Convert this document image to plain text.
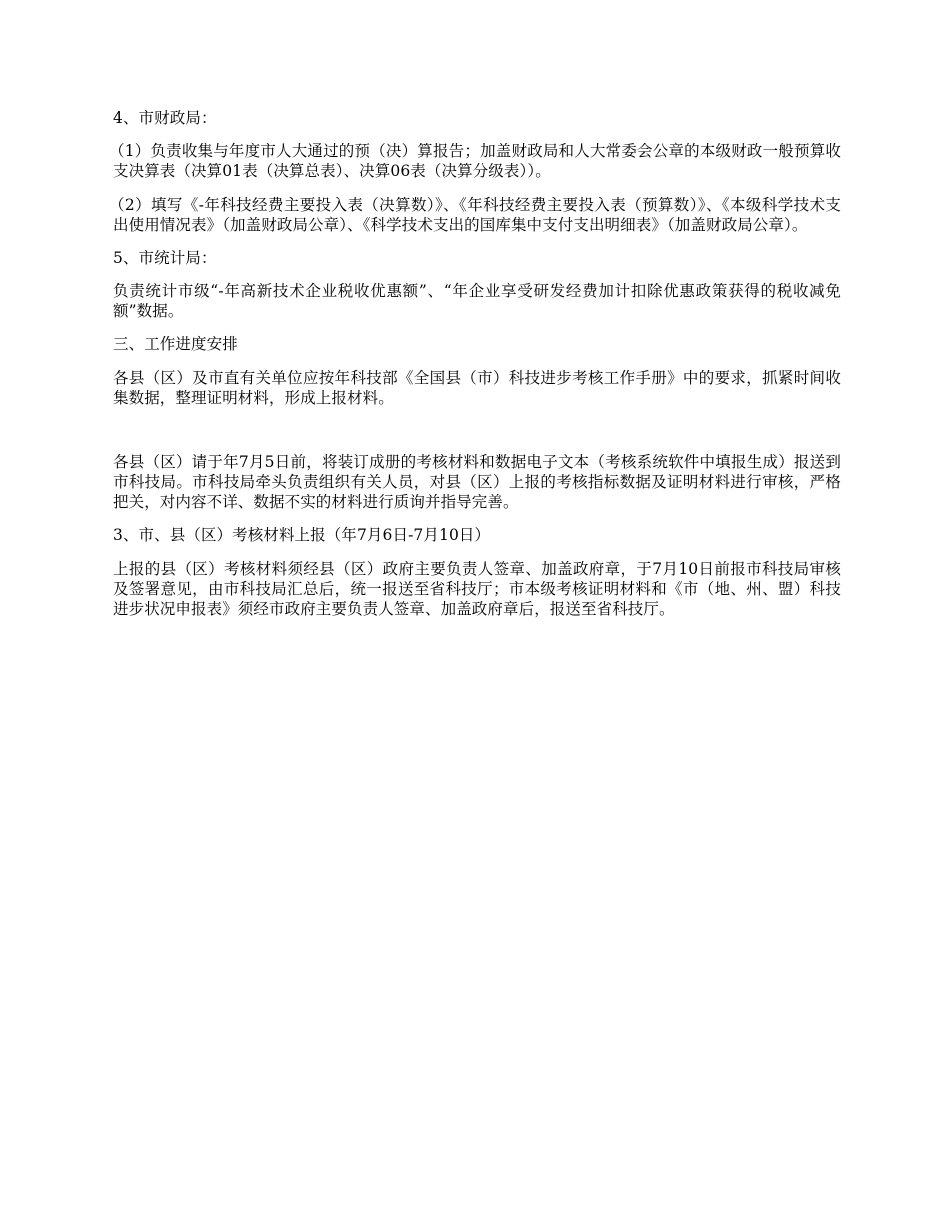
4、市财政局：

（1）负责收集与年度市人大通过的预（决）算报告；加盖财政局和人大常委会公章的本级财政一般预算收支决算表（决算01表（决算总表）、决算06表（决算分级表））。

（2）填写《-年科技经费主要投入表（决算数）》、《年科技经费主要投入表（预算数）》、《本级科学技术支出使用情况表》（加盖财政局公章）、《科学技术支出的国库集中支付支出明细表》（加盖财政局公章）。

5、市统计局：

负责统计市级“-年高新技术企业税收优惠额”、“年企业享受研发经费加计扣除优惠政策获得的税收减免额”数据。

三、工作进度安排

各县（区）及市直有关单位应按年科技部《全国县（市）科技进步考核工作手册》中的要求，抓紧时间收集数据，整理证明材料，形成上报材料。

各县（区）请于年7月5日前，将装订成册的考核材料和数据电子文本（考核系统软件中填报生成）报送到市科技局。市科技局牵头负责组织有关人员，对县（区）上报的考核指标数据及证明材料进行审核，严格把关，对内容不详、数据不实的材料进行质询并指导完善。

3、市、县（区）考核材料上报（年7月6日-7月10日）

上报的县（区）考核材料须经县（区）政府主要负责人签章、加盖政府章，于7月10日前报市科技局审核及签署意见，由市科技局汇总后，统一报送至省科技厅；市本级考核证明材料和《市（地、州、盟）科技进步状况申报表》须经市政府主要负责人签章、加盖政府章后，报送至省科技厅。
